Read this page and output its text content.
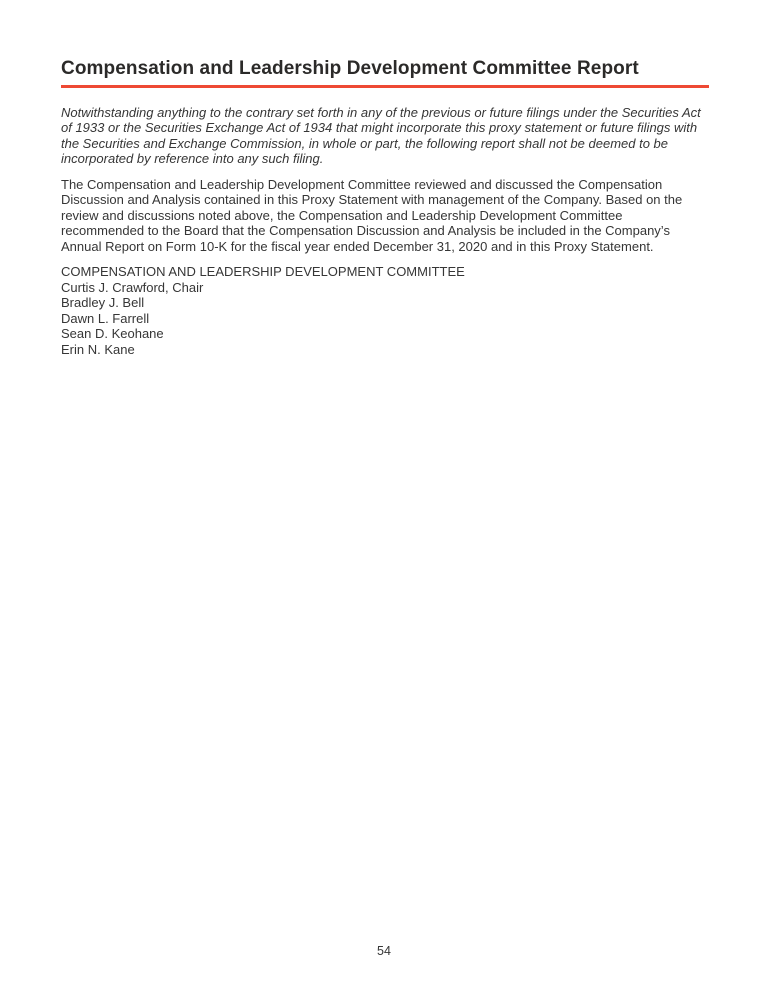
Compensation and Leadership Development Committee Report

Notwithstanding anything to the contrary set forth in any of the previous or future filings under the Securities Act of 1933 or the Securities Exchange Act of 1934 that might incorporate this proxy statement or future filings with the Securities and Exchange Commission, in whole or part, the following report shall not be deemed to be incorporated by reference into any such filing.

The Compensation and Leadership Development Committee reviewed and discussed the Compensation Discussion and Analysis contained in this Proxy Statement with management of the Company. Based on the review and discussions noted above, the Compensation and Leadership Development Committee recommended to the Board that the Compensation Discussion and Analysis be included in the Company’s Annual Report on Form 10-K for the fiscal year ended December 31, 2020 and in this Proxy Statement.

COMPENSATION AND LEADERSHIP DEVELOPMENT COMMITTEE

Curtis J. Crawford, Chair

Bradley J. Bell

Dawn L. Farrell

Sean D. Keohane

Erin N. Kane

54
